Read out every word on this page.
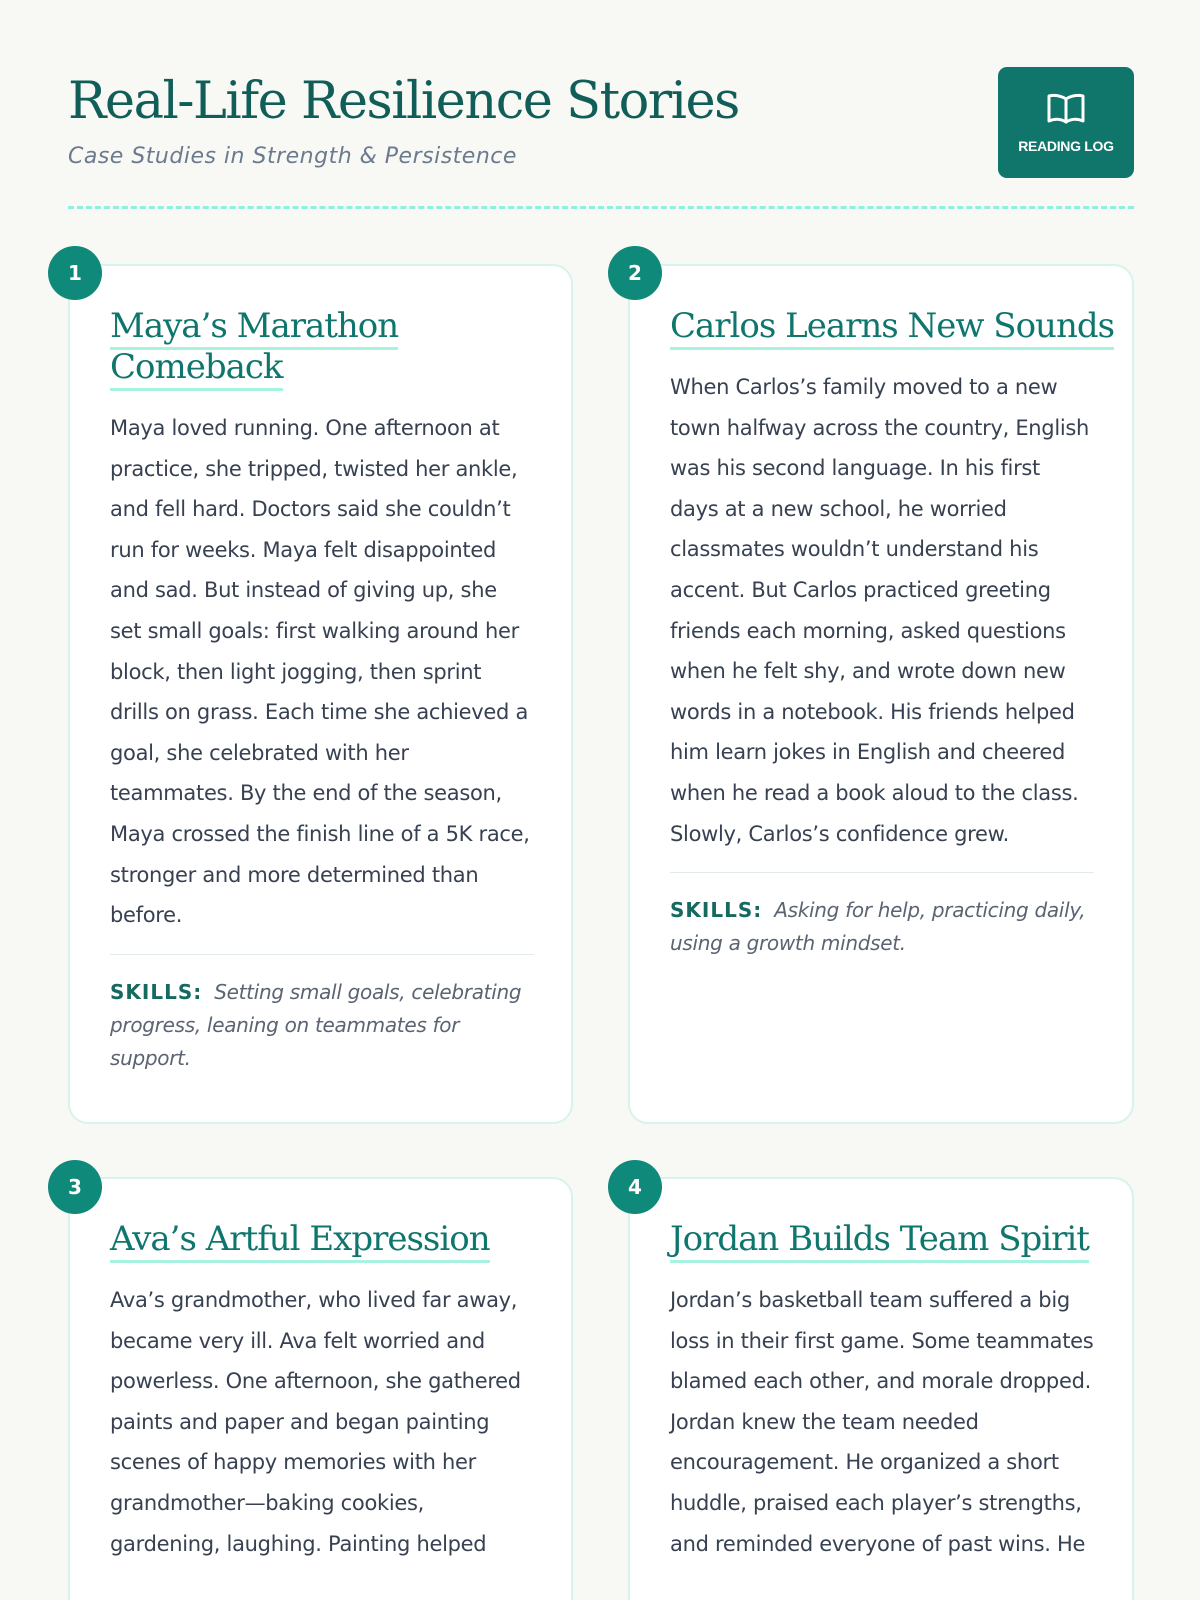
Real-Life Resilience Stories
Case Studies in Strength & Persistence	READING LOG
Maya’s Marathon Comeback

Maya loved running. One afternoon at practice, she tripped, twisted her ankle, and fell hard. Doctors said she couldn’t run for weeks. Maya felt disappointed and sad. But instead of giving up, she set small goals: first walking around her block, then light jogging, then sprint drills on grass. Each time she achieved a goal, she celebrated with her teammates. By the end of the season, Maya crossed the finish line of a 5K race, stronger and more determined than before.

SKILLS: Setting small goals, celebrating progress, leaning on teammates for support.
1
Carlos Learns New Sounds

When Carlos’s family moved to a new town halfway across the country, English was his second language. In his first days at a new school, he worried classmates wouldn’t understand his accent. But Carlos practiced greeting friends each morning, asked questions when he felt shy, and wrote down new words in a notebook. His friends helped him learn jokes in English and cheered when he read a book aloud to the class. Slowly, Carlos’s confidence grew.

SKILLS: Asking for help, practicing daily, using a growth mindset.
2
Ava’s Artful Expression

Ava’s grandmother, who lived far away, became very ill. Ava felt worried and powerless. One afternoon, she gathered paints and paper and began painting scenes of happy memories with her grandmother—baking cookies, gardening, laughing. Painting helped

3
Jordan Builds Team Spirit

Jordan’s basketball team suffered a big loss in their first game. Some teammates blamed each other, and morale dropped. Jordan knew the team needed encouragement. He organized a short huddle, praised each player’s strengths, and reminded everyone of past wins. He

4
